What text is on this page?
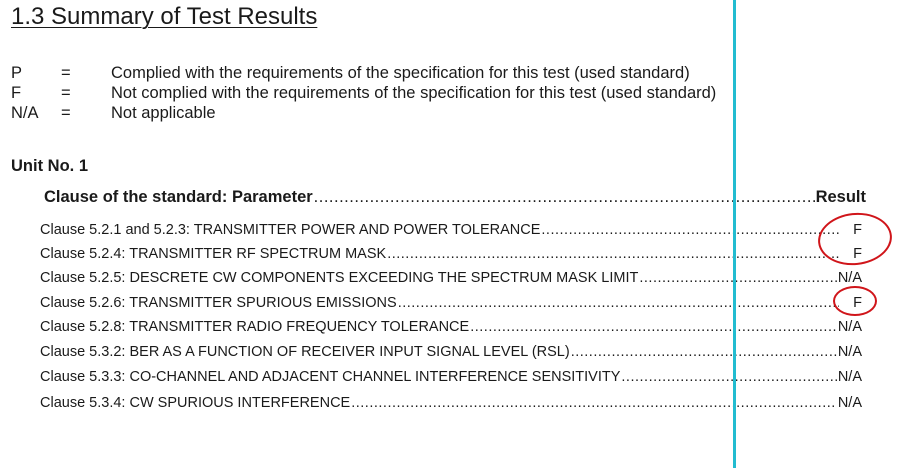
1.3 Summary of Test Results
P = Complied with the requirements of the specification for this test (used standard)
F = Not complied with the requirements of the specification for this test (used standard)
N/A = Not applicable
Unit No. 1
Clause of the standard: Parameter .....	Result
Clause 5.2.1 and 5.2.3: TRANSMITTER POWER AND POWER TOLERANCE .....	F
Clause 5.2.4: TRANSMITTER RF SPECTRUM MASK .....	F
Clause 5.2.5: DESCRETE CW COMPONENTS EXCEEDING THE SPECTRUM MASK LIMIT .....	N/A
Clause 5.2.6: TRANSMITTER SPURIOUS EMISSIONS .....	F
Clause 5.2.8: TRANSMITTER RADIO FREQUENCY TOLERANCE .....	N/A
Clause 5.3.2: BER AS A FUNCTION OF RECEIVER INPUT SIGNAL LEVEL (RSL) .....	N/A
Clause 5.3.3: CO-CHANNEL AND ADJACENT CHANNEL INTERFERENCE SENSITIVITY .....	N/A
Clause 5.3.4: CW SPURIOUS INTERFERENCE .....	N/A
